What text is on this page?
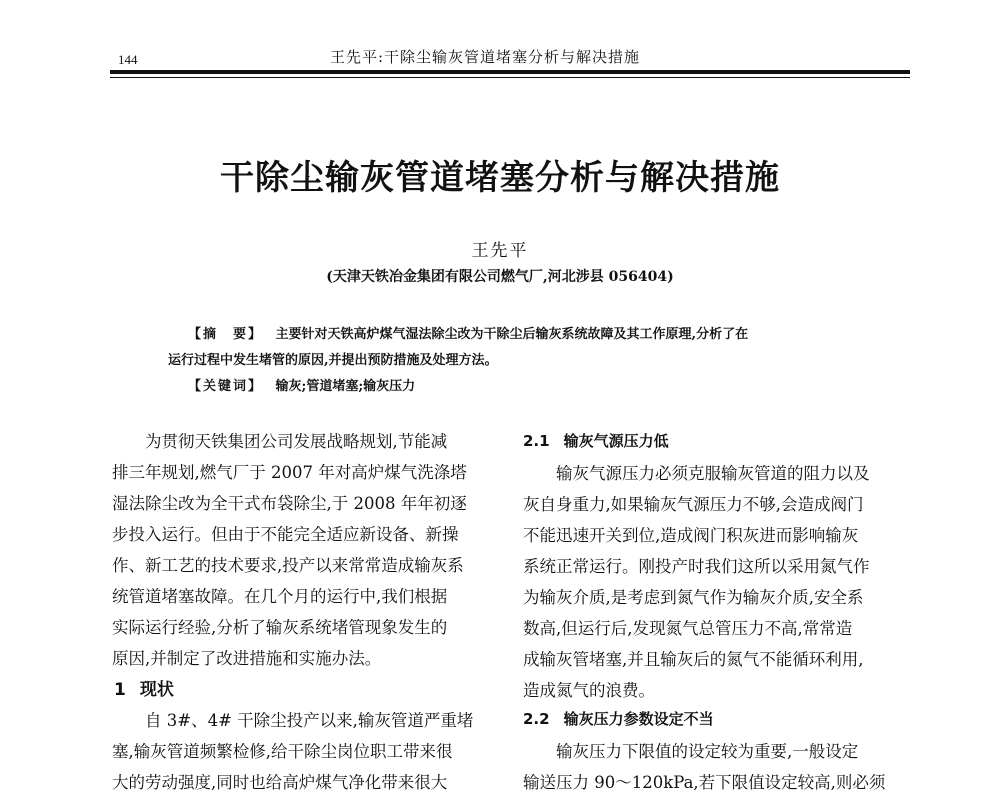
144	王先平:干除尘输灰管道堵塞分析与解决措施
干除尘输灰管道堵塞分析与解决措施
王先平
(天津天铁冶金集团有限公司燃气厂,河北涉县 056404)
【摘　要】 主要针对天铁高炉煤气湿法除尘改为干除尘后输灰系统故障及其工作原理,分析了在
运行过程中发生堵管的原因,并提出预防措施及处理方法。
【关键词】 输灰;管道堵塞;输灰压力
为贯彻天铁集团公司发展战略规划,节能减
排三年规划,燃气厂于 2007 年对高炉煤气洗涤塔
湿法除尘改为全干式布袋除尘,于 2008 年年初逐
步投入运行。但由于不能完全适应新设备、新操
作、新工艺的技术要求,投产以来常常造成输灰系
统管道堵塞故障。在几个月的运行中,我们根据
实际运行经验,分析了输灰系统堵管现象发生的
原因,并制定了改进措施和实施办法。
1 现状
自 3#、4# 干除尘投产以来,输灰管道严重堵
塞,输灰管道频繁检修,给干除尘岗位职工带来很
大的劳动强度,同时也给高炉煤气净化带来很大
2.1 输灰气源压力低
输灰气源压力必须克服输灰管道的阻力以及
灰自身重力,如果输灰气源压力不够,会造成阀门
不能迅速开关到位,造成阀门积灰进而影响输灰
系统正常运行。刚投产时我们这所以采用氮气作
为输灰介质,是考虑到氮气作为输灰介质,安全系
数高,但运行后,发现氮气总管压力不高,常常造
成输灰管堵塞,并且输灰后的氮气不能循环利用,
造成氮气的浪费。
2.2 输灰压力参数设定不当
输灰压力下限值的设定较为重要,一般设定
输送压力 90～120kPa,若下限值设定较高,则必须
